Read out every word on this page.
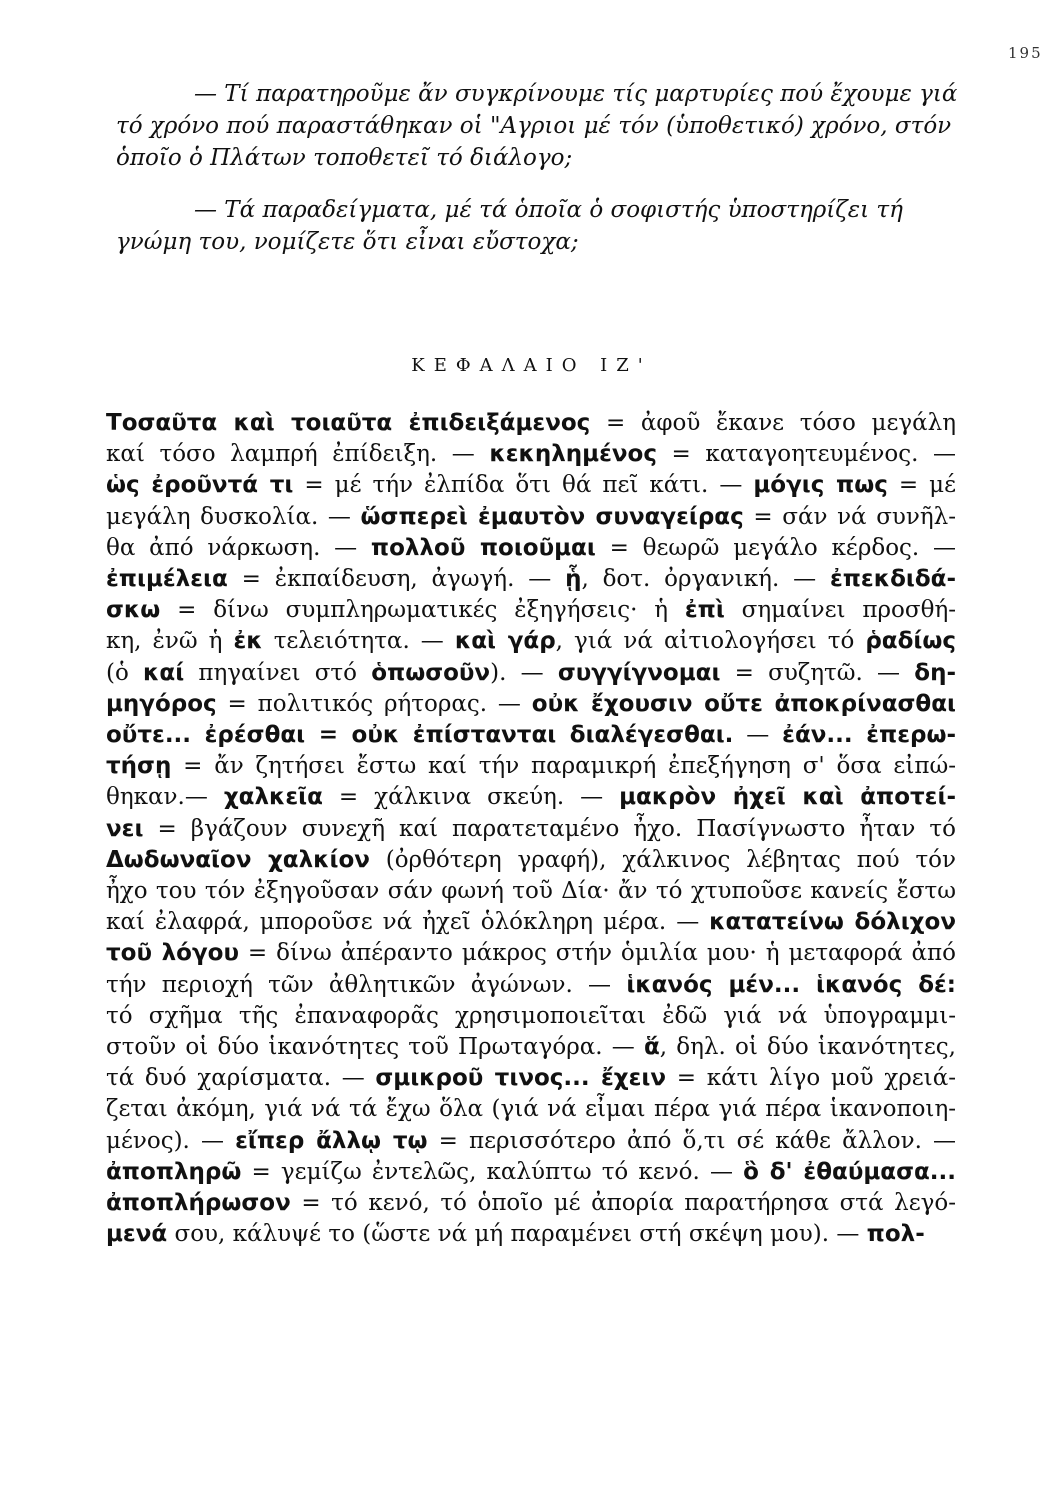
195

— Τί παρατηροῦμε ἄν συγκρίνουμε τίς μαρτυρίες πού ἔχουμε γιά τό χρόνο πού παραστάθηκαν οἱ "Αγριοι μέ τόν (ὑποθετικό) χρόνο, στόν ὁποῖο ὁ Πλάτων τοποθετεῖ τό διάλογο;

— Τά παραδείγματα, μέ τά ὁποῖα ὁ σοφιστής ὑποστηρίζει τή γνώμη του, νομίζετε ὅτι εἶναι εὔστοχα;

ΚΕΦΑΛΑΙΟ ΙΖ'
Τοσαῦτα καὶ τοιαῦτα ἐπιδειξάμενος = ἀφοῦ ἔκανε τόσο μεγάλη
καί τόσο λαμπρή ἐπίδειξη. — κεκηλημένος = καταγοητευμένος. —
ὡς ἐροῦντά τι = μέ τήν ἐλπίδα ὅτι θά πεῖ κάτι. — μόγις πως = μέ
μεγάλη δυσκολία. — ὥσπερεὶ ἐμαυτὸν συναγείρας = σάν νά συνῆλ-
θα ἀπό νάρκωση. — πολλοῦ ποιοῦμαι = θεωρῶ μεγάλο κέρδος. —
ἐπιμέλεια = ἐκπαίδευση, ἀγωγή. — ᾗ, δοτ. ὀργανική. — ἐπεκδιδά-
σκω = δίνω συμπληρωματικές ἐξηγήσεις· ἡ ἐπὶ σημαίνει προσθή-
κη, ἐνῶ ἡ ἐκ τελειότητα. — καὶ γάρ, γιά νά αἰτιολογήσει τό ῥαδίως
(ὁ καί πηγαίνει στό ὁπωσοῦν). — συγγίγνομαι = συζητῶ. — δη-
μηγόρος = πολιτικός ρήτορας. — οὐκ ἔχουσιν οὔτε ἀποκρίνασθαι
οὔτε... ἐρέσθαι = οὐκ ἐπίστανται διαλέγεσθαι. — ἐάν... ἐπερω-
τήσῃ = ἄν ζητήσει ἔστω καί τήν παραμικρή ἐπεξήγηση σ' ὅσα εἰπώ-
θηκαν.— χαλκεῖα = χάλκινα σκεύη. — μακρὸν ἠχεῖ καὶ ἀποτεί-
νει = βγάζουν συνεχῆ καί παρατεταμένο ἦχο. Πασίγνωστο ἦταν τό
Δωδωναῖον χαλκίον (ὀρθότερη γραφή), χάλκινος λέβητας πού τόν
ἦχο του τόν ἐξηγοῦσαν σάν φωνή τοῦ Δία· ἄν τό χτυποῦσε κανείς ἔστω
καί ἐλαφρά, μποροῦσε νά ἠχεῖ ὁλόκληρη μέρα. — κατατείνω δόλιχον
τοῦ λόγου = δίνω ἀπέραντο μάκρος στήν ὁμιλία μου· ἡ μεταφορά ἀπό
τήν περιοχή τῶν ἀθλητικῶν ἀγώνων. — ἱκανός μέν... ἱκανός δέ:
τό σχῆμα τῆς ἐπαναφορᾶς χρησιμοποιεῖται ἐδῶ γιά νά ὑπογραμμι-
στοῦν οἱ δύο ἱκανότητες τοῦ Πρωταγόρα. — ἅ, δηλ. οἱ δύο ἱκανότητες,
τά δυό χαρίσματα. — σμικροῦ τινος... ἔχειν = κάτι λίγο μοῦ χρειά-
ζεται ἀκόμη, γιά νά τά ἔχω ὅλα (γιά νά εἶμαι πέρα γιά πέρα ἱκανοποιη-
μένος). — εἴπερ ἄλλῳ τῳ = περισσότερο ἀπό ὅ,τι σέ κάθε ἄλλον. —
ἀποπληρῶ = γεμίζω ἐντελῶς, καλύπτω τό κενό. — ὃ δ' ἐθαύμασα...
ἀποπλήρωσον = τό κενό, τό ὁποῖο μέ ἀπορία παρατήρησα στά λεγό-
μενά σου, κάλυψέ το (ὥστε νά μή παραμένει στή σκέψη μου). — πολ-
